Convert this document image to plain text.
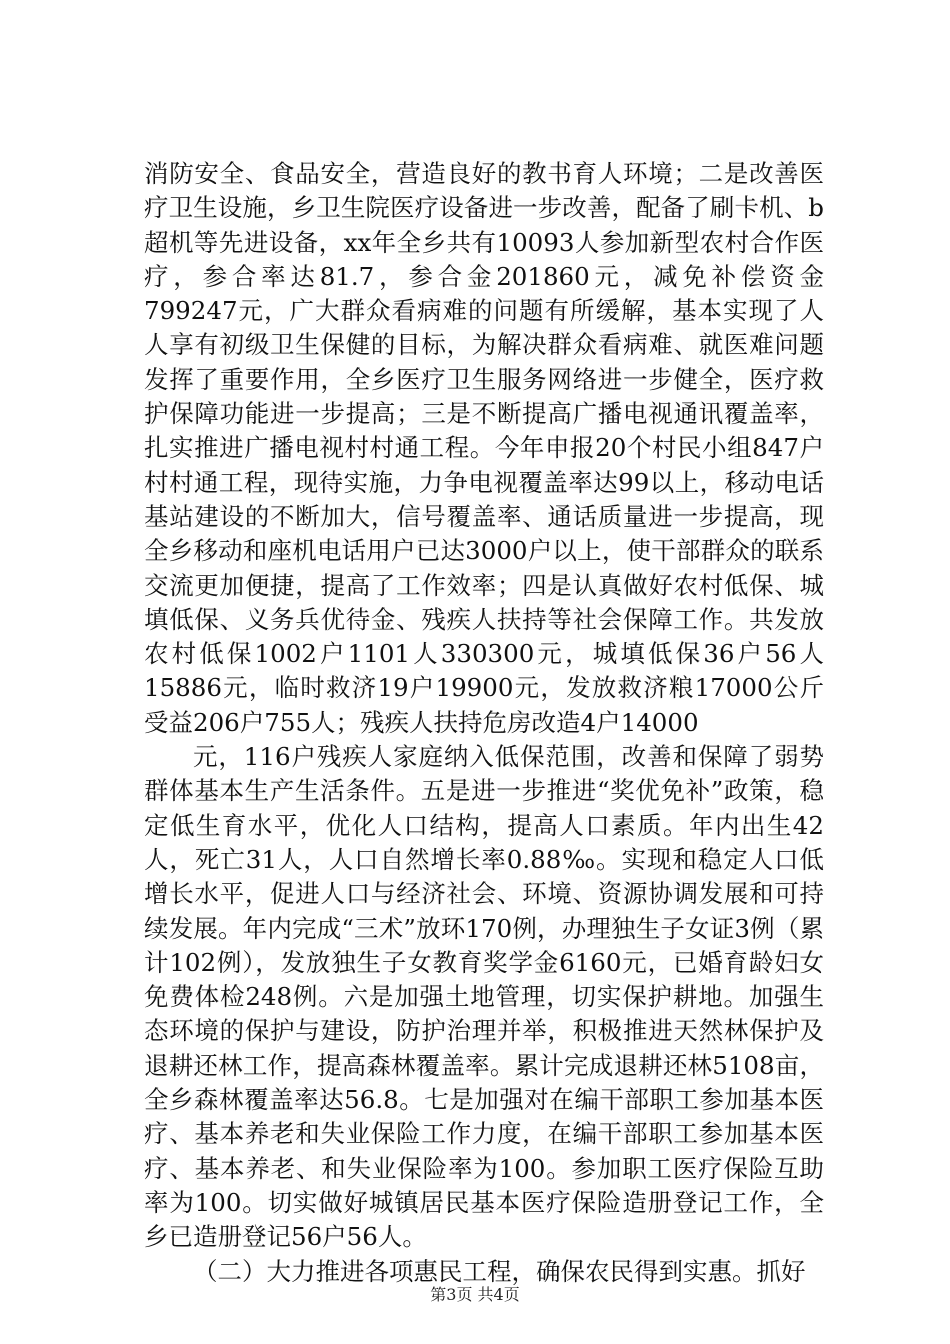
消防安全、食品安全，营造良好的教书育人环境；二是改善医疗卫生设施，乡卫生院医疗设备进一步改善，配备了刷卡机、b超机等先进设备，xx年全乡共有10093人参加新型农村合作医疗，参合率达81.7，参合金201860元，减免补偿资金799247元，广大群众看病难的问题有所缓解，基本实现了人人享有初级卫生保健的目标，为解决群众看病难、就医难问题发挥了重要作用，全乡医疗卫生服务网络进一步健全，医疗救护保障功能进一步提高；三是不断提高广播电视通讯覆盖率，扎实推进广播电视村村通工程。今年申报20个村民小组847户村村通工程，现待实施，力争电视覆盖率达99以上，移动电话基站建设的不断加大，信号覆盖率、通话质量进一步提高，现全乡移动和座机电话用户已达3000户以上，使干部群众的联系交流更加便捷，提高了工作效率；四是认真做好农村低保、城填低保、义务兵优待金、残疾人扶持等社会保障工作。共发放农村低保1002户1101人330300元，城填低保36户56人15886元，临时救济19户19900元，发放救济粮17000公斤受益206户755人；残疾人扶持危房改造4户14000

元，116户残疾人家庭纳入低保范围，改善和保障了弱势群体基本生产生活条件。五是进一步推进“奖优免补”政策，稳定低生育水平，优化人口结构，提高人口素质。年内出生42人，死亡31人，人口自然增长率0.88‰。实现和稳定人口低增长水平，促进人口与经济社会、环境、资源协调发展和可持续发展。年内完成“三术”放环170例，办理独生子女证3例（累计102例），发放独生子女教育奖学金6160元，已婚育龄妇女免费体检248例。六是加强土地管理，切实保护耕地。加强生态环境的保护与建设，防护治理并举，积极推进天然林保护及退耕还林工作，提高森林覆盖率。累计完成退耕还林5108亩，全乡森林覆盖率达56.8。七是加强对在编干部职工参加基本医疗、基本养老和失业保险工作力度，在编干部职工参加基本医疗、基本养老、和失业保险率为100。参加职工医疗保险互助率为100。切实做好城镇居民基本医疗保险造册登记工作，全乡已造册登记56户56人。

（二）大力推进各项惠民工程，确保农民得到实惠。抓好

第3页 共4页
